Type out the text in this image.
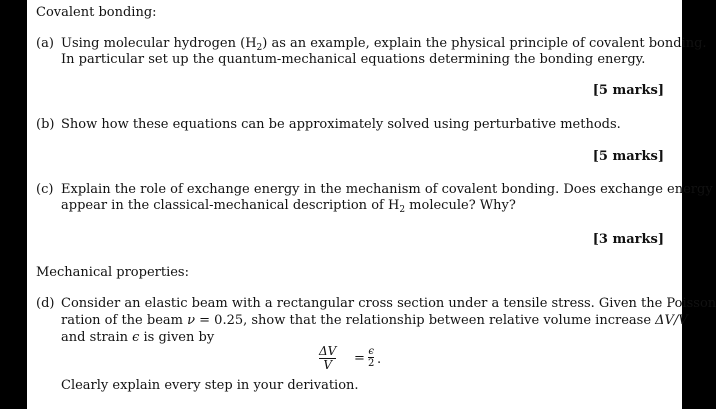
Covalent bonding:
(a) Using molecular hydrogen $(H_2)$ as an example, explain the physical principle of covalent bonding.
In particular set up the quantum-mechanical equations determining the bonding energy.
[5 marks]
(b) Show how these equations can be approximately solved using perturbative methods.
[5 marks]
(c) Explain the role of exchange energy in the mechanism of covalent bonding. Does exchange energy
appear in the classical-mechanical description of $H_2$ molecule? Why?
[3 marks]
Mechanical properties:
(d) Consider an elastic beam with a rectangular cross section under a tensile stress. Given the Poisson
ration of the beam ν = 0.25, show that the relationship between relative volume increase ΔV/V
and strain ϵ is given by
ΔV
V = ϵ
2 .
Clearly explain every step in your derivation.
